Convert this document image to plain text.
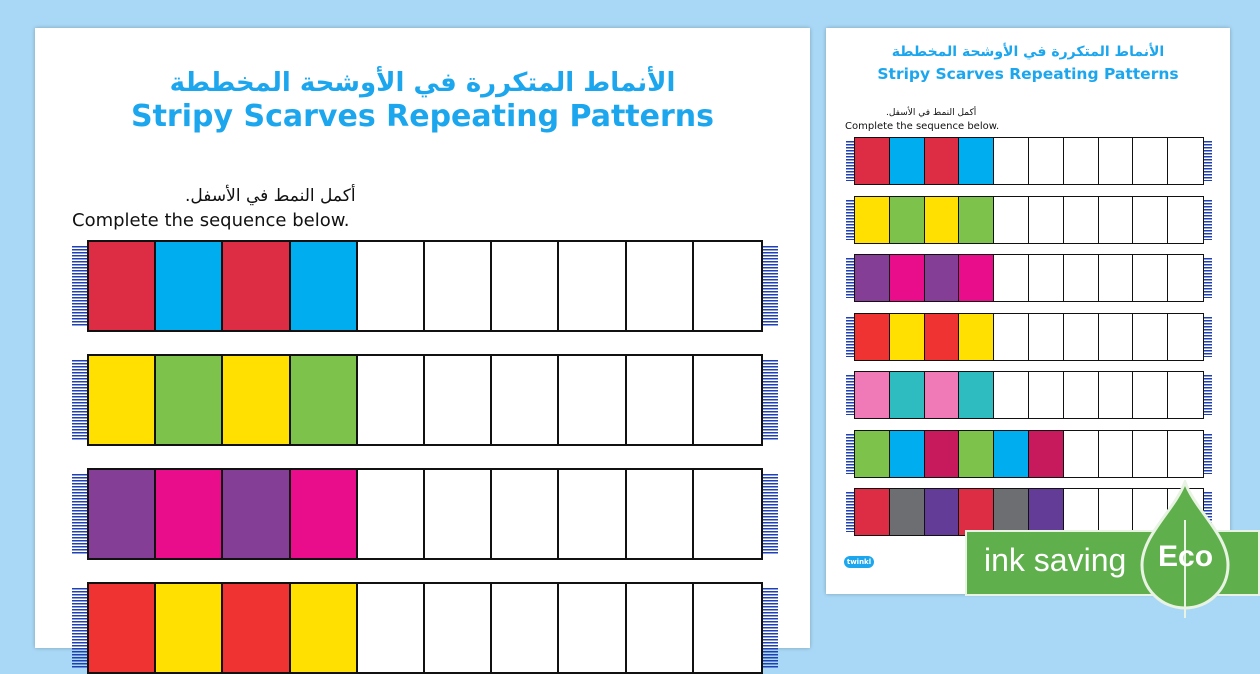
الأنماط المتكررة في الأوشحة المخططة
Stripy Scarves Repeating Patterns
أكمل النمط في الأسفل.
Complete the sequence below.
الأنماط المتكررة في الأوشحة المخططة
Stripy Scarves Repeating Patterns
أكمل النمط في الأسفل.
Complete the sequence below.
twinkl	ink saving Eco
